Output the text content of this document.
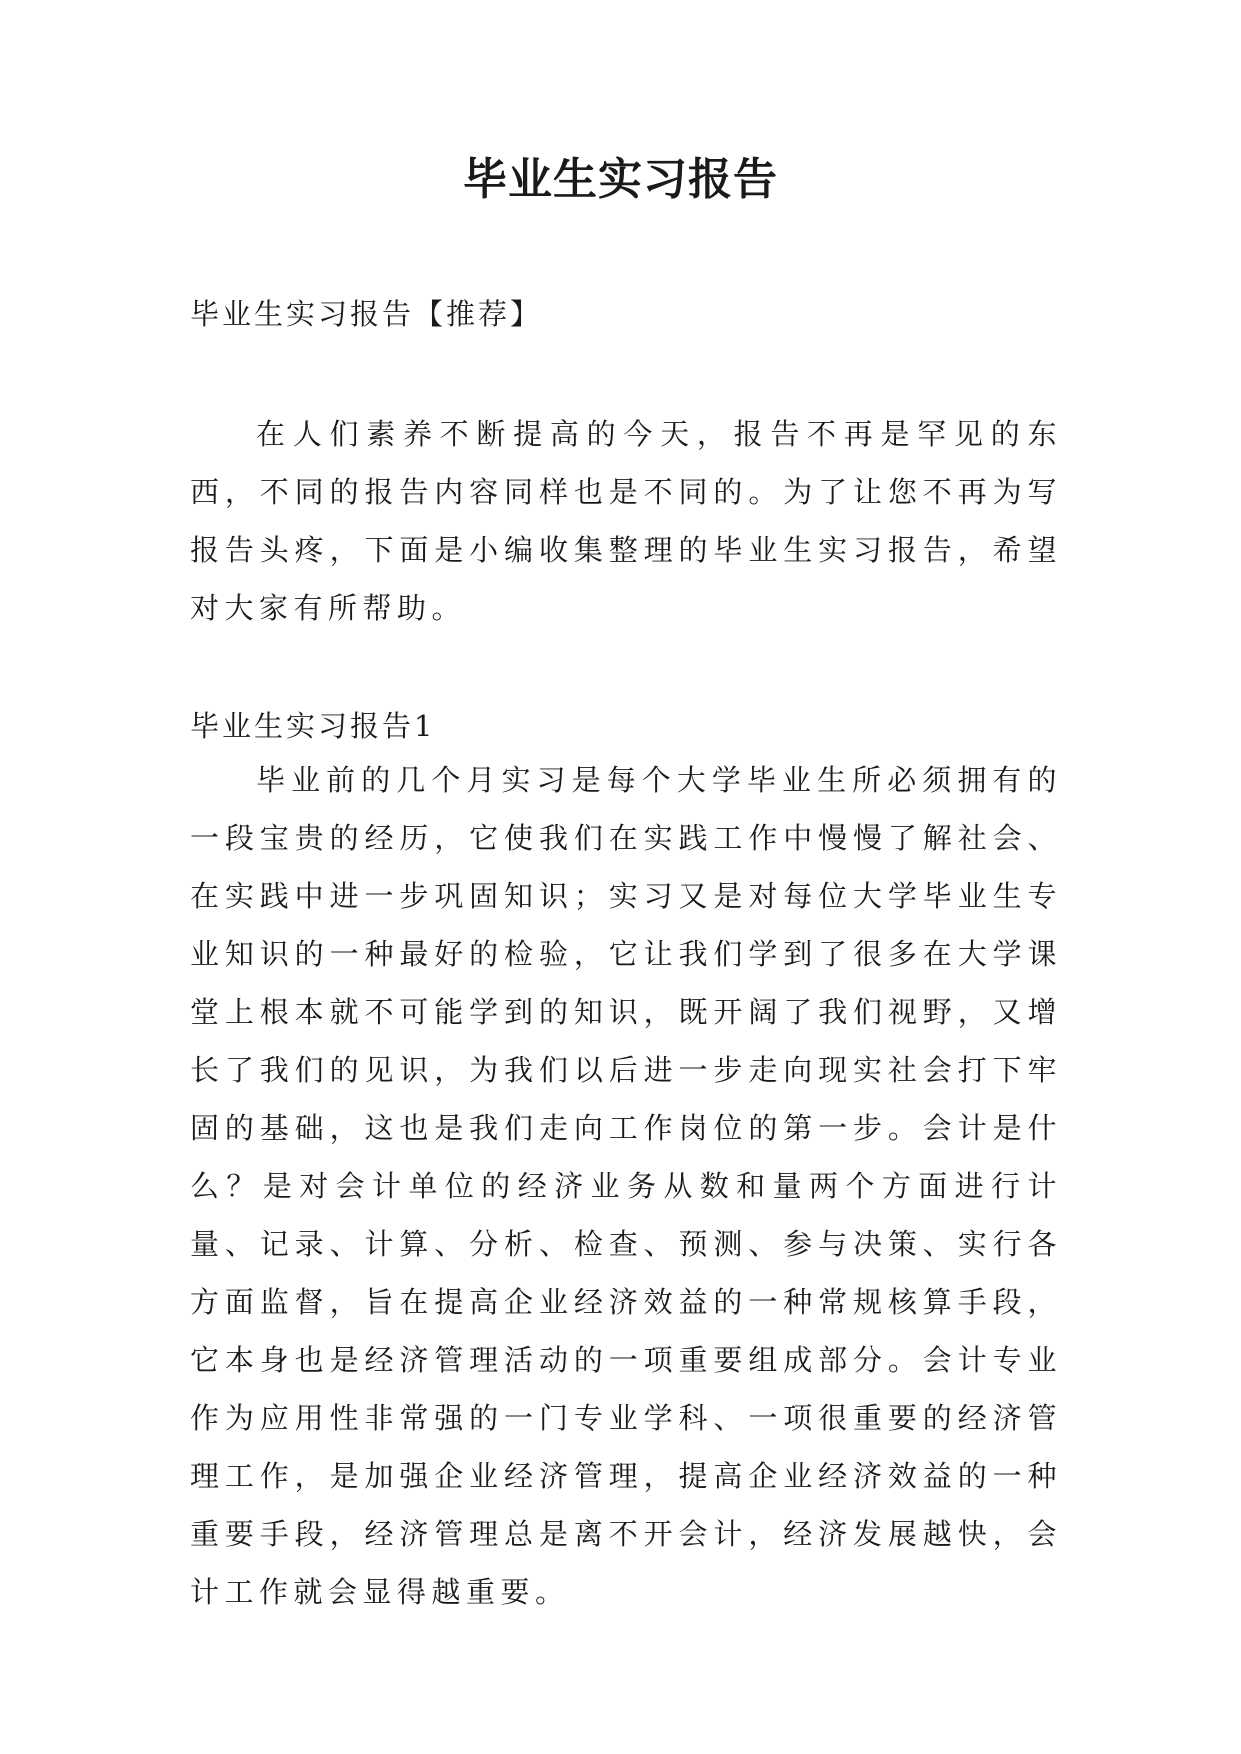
毕业生实习报告

毕业生实习报告【推荐】

在人们素养不断提高的今天，报告不再是罕见的东西，不同的报告内容同样也是不同的。为了让您不再为写报告头疼，下面是小编收集整理的毕业生实习报告，希望对大家有所帮助。

毕业生实习报告1

毕业前的几个月实习是每个大学毕业生所必须拥有的一段宝贵的经历，它使我们在实践工作中慢慢了解社会、在实践中进一步巩固知识；实习又是对每位大学毕业生专业知识的一种最好的检验，它让我们学到了很多在大学课堂上根本就不可能学到的知识，既开阔了我们视野，又增长了我们的见识，为我们以后进一步走向现实社会打下牢固的基础，这也是我们走向工作岗位的第一步。会计是什么？是对会计单位的经济业务从数和量两个方面进行计量、记录、计算、分析、检查、预测、参与决策、实行各方面监督，旨在提高企业经济效益的一种常规核算手段，它本身也是经济管理活动的一项重要组成部分。会计专业作为应用性非常强的一门专业学科、一项很重要的经济管理工作，是加强企业经济管理，提高企业经济效益的一种重要手段，经济管理总是离不开会计，经济发展越快，会计工作就会显得越重要。
